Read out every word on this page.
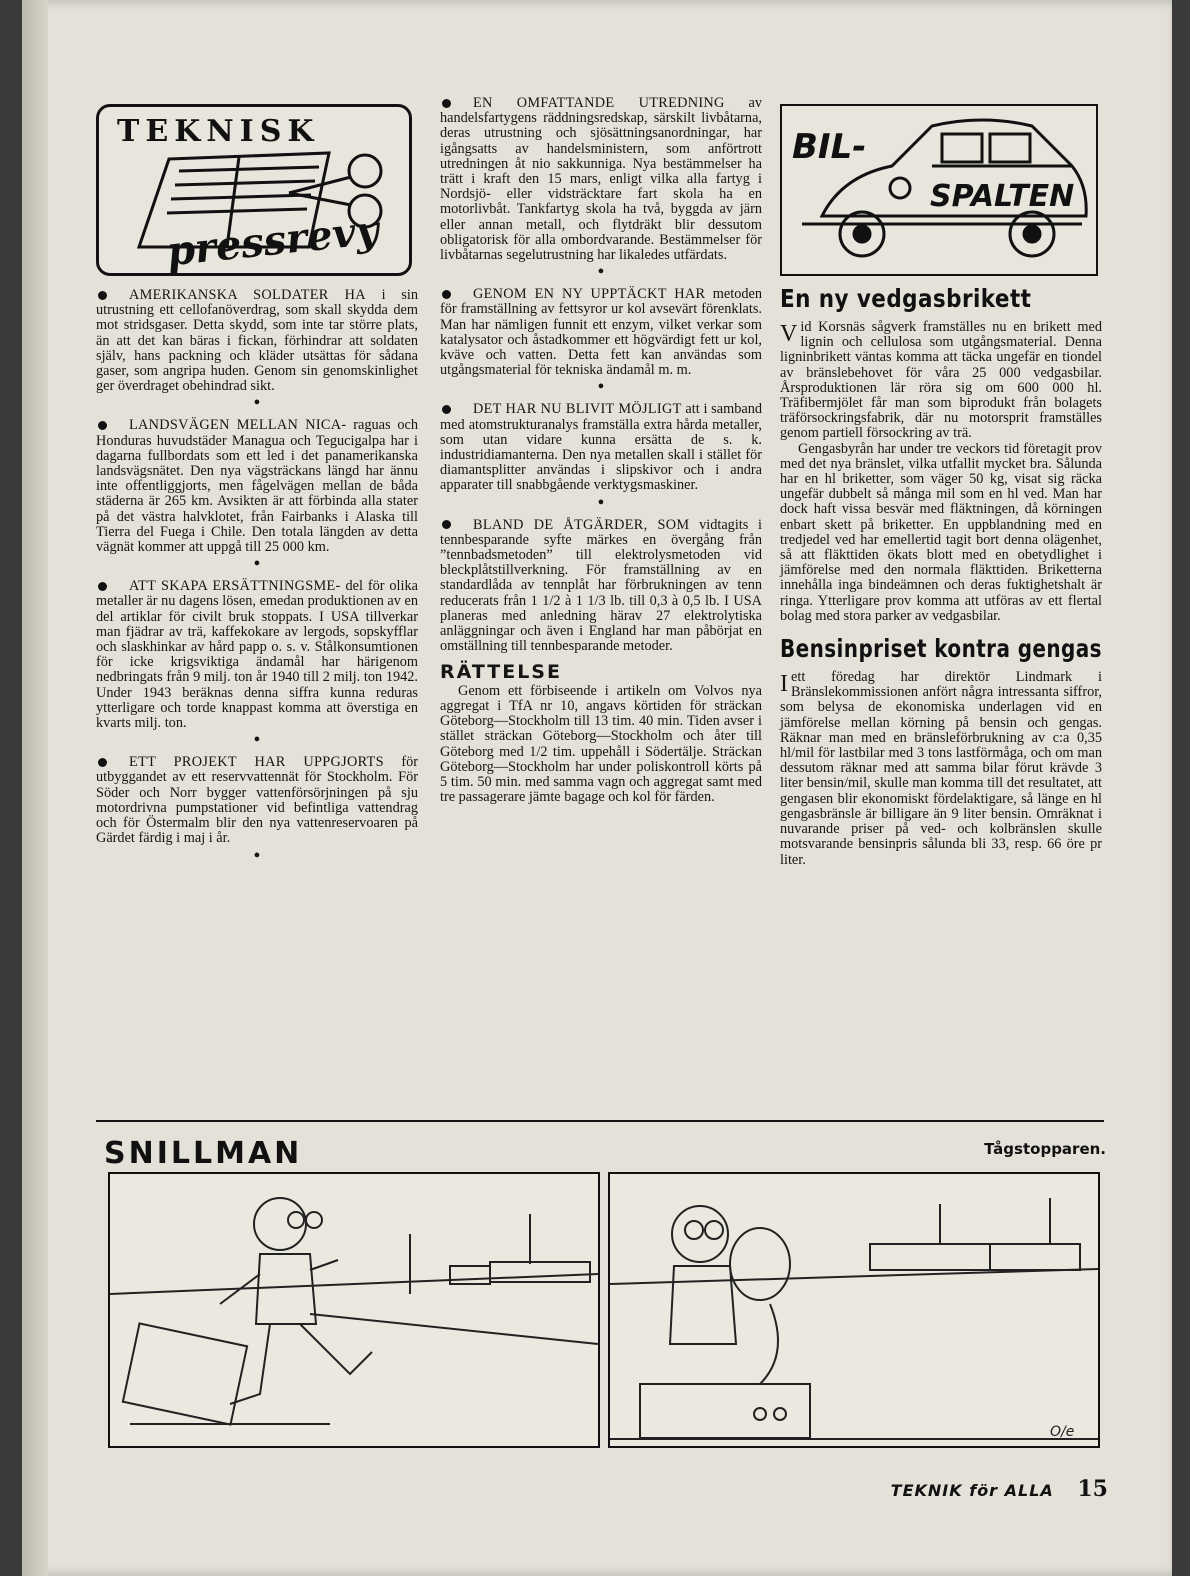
TEKNISK
pressrevy
AMERIKANSKA SOLDATER HA i sin utrustning ett cellofanöverdrag, som skall skydda dem mot stridsgaser. Detta skydd, som inte tar större plats, än att det kan bäras i fickan, förhindrar att soldaten själv, hans packning och kläder utsättas för sådana gaser, som angripa huden. Genom sin genomskinlighet ger överdraget obehindrad sikt.
●
LANDSVÄGEN MELLAN NICA- raguas och Honduras huvudstäder Managua och Tegucigalpa har i dagarna fullbordats som ett led i det panamerikanska landsvägsnätet. Den nya vägsträckans längd har ännu inte offentliggjorts, men fågelvägen mellan de båda städerna är 265 km. Avsikten är att förbinda alla stater på det västra halvklotet, från Fairbanks i Alaska till Tierra del Fuega i Chile. Den totala längden av detta vägnät kommer att uppgå till 25 000 km.
●
ATT SKAPA ERSÄTTNINGSME- del för olika metaller är nu dagens lösen, emedan produktionen av en del artiklar för civilt bruk stoppats. I USA tillverkar man fjädrar av trä, kaffekokare av lergods, sopskyfflar och slaskhinkar av hård papp o. s. v. Stålkonsumtionen för icke krigsviktiga ändamål har härigenom nedbringats från 9 milj. ton år 1940 till 2 milj. ton 1942. Under 1943 beräknas denna siffra kunna reduras ytterligare och torde knappast komma att överstiga en kvarts milj. ton.
●
ETT PROJEKT HAR UPPGJORTS för utbyggandet av ett reservvattennät för Stockholm. För Söder och Norr bygger vattenförsörjningen på sju motordrivna pumpstationer vid befintliga vattendrag och för Östermalm blir den nya vattenreservoaren på Gärdet färdig i maj i år.
●
EN OMFATTANDE UTREDNING av handelsfartygens räddningsredskap, särskilt livbåtarna, deras utrustning och sjösättningsanordningar, har igångsatts av handelsministern, som anförtrott utredningen åt nio sakkunniga. Nya bestämmelser ha trätt i kraft den 15 mars, enligt vilka alla fartyg i Nordsjö- eller vidsträcktare fart skola ha en motorlivbåt. Tankfartyg skola ha två, byggda av järn eller annan metall, och flytdräkt blir dessutom obligatorisk för alla ombordvarande. Bestämmelser för livbåtarnas segelutrustning har likaledes utfärdats.
●
GENOM EN NY UPPTÄCKT HAR metoden för framställning av fettsyror ur kol avsevärt förenklats. Man har nämligen funnit ett enzym, vilket verkar som katalysator och åstadkommer ett högvärdigt fett ur kol, kväve och vatten. Detta fett kan användas som utgångsmaterial för tekniska ändamål m. m.
●
DET HAR NU BLIVIT MÖJLIGT att i samband med atomstrukturanalys framställa extra hårda metaller, som utan vidare kunna ersätta de s. k. industridiamanterna. Den nya metallen skall i stället för diamantsplitter användas i slipskivor och i andra apparater till snabbgående verktygsmaskiner.
●
BLAND DE ÅTGÄRDER, SOM vidtagits i tennbesparande syfte märkes en övergång från ”tennbadsmetoden” till elektrolysmetoden vid bleckplåtstillverkning. För framställning av en standardlåda av tennplåt har förbrukningen av tenn reducerats från 1 1/2 à 1 1/3 lb. till 0,3 à 0,5 lb. I USA planeras med anledning härav 27 elektrolytiska anläggningar och även i England har man påbörjat en omställning till tennbesparande metoder.
RÄTTELSE

Genom ett förbiseende i artikeln om Volvos nya aggregat i TfA nr 10, angavs körtiden för sträckan Göteborg—Stockholm till 13 tim. 40 min. Tiden avser i stället sträckan Göteborg—Stockholm och åter till Göteborg med 1/2 tim. uppehåll i Södertälje. Sträckan Göteborg—Stockholm har under poliskontroll körts på 5 tim. 50 min. med samma vagn och aggregat samt med tre passagerare jämte bagage och kol för färden.

BIL-
SPALTEN
En ny vedgasbrikett

Vid Korsnäs sågverk framställes nu en brikett med lignin och cellulosa som utgångsmaterial. Denna ligninbrikett väntas komma att täcka ungefär en tiondel av bränslebehovet för våra 25 000 vedgasbilar. Årsproduktionen lär röra sig om 600 000 hl. Träfibermjölet får man som biprodukt från bolagets träförsockringsfabrik, där nu motorsprit framställes genom partiell försockring av trä.

Gengasbyrån har under tre veckors tid företagit prov med det nya bränslet, vilka utfallit mycket bra. Sålunda har en hl briketter, som väger 50 kg, visat sig räcka ungefär dubbelt så många mil som en hl ved. Man har dock haft vissa besvär med fläktningen, då körningen enbart skett på briketter. En uppblandning med en tredjedel ved har emellertid tagit bort denna olägenhet, så att fläkttiden ökats blott med en obetydlighet i jämförelse med den normala fläkttiden. Briketterna innehålla inga bindeämnen och deras fuktighetshalt är ringa. Ytterligare prov komma att utföras av ett flertal bolag med stora parker av vedgasbilar.

Bensinpriset kontra gengas

Iett föredag har direktör Lindmark i Bränslekommissionen anfört några intressanta siffror, som belysa de ekonomiska underlagen vid en jämförelse mellan körning på bensin och gengas. Räknar man med en bränsleförbrukning av c:a 0,35 hl/mil för lastbilar med 3 tons lastförmåga, och om man dessutom räknar med att samma bilar förut krävde 3 liter bensin/mil, skulle man komma till det resultatet, att gengasen blir ekonomiskt fördelaktigare, så länge en hl gengasbränsle är billigare än 9 liter bensin. Omräknat i nuvarande priser på ved- och kolbränslen skulle motsvarande bensinpris sålunda bli 33, resp. 66 öre pr liter.

SNILLMAN	Tågstopparen.
O/e
TEKNIK för ALLA 15
